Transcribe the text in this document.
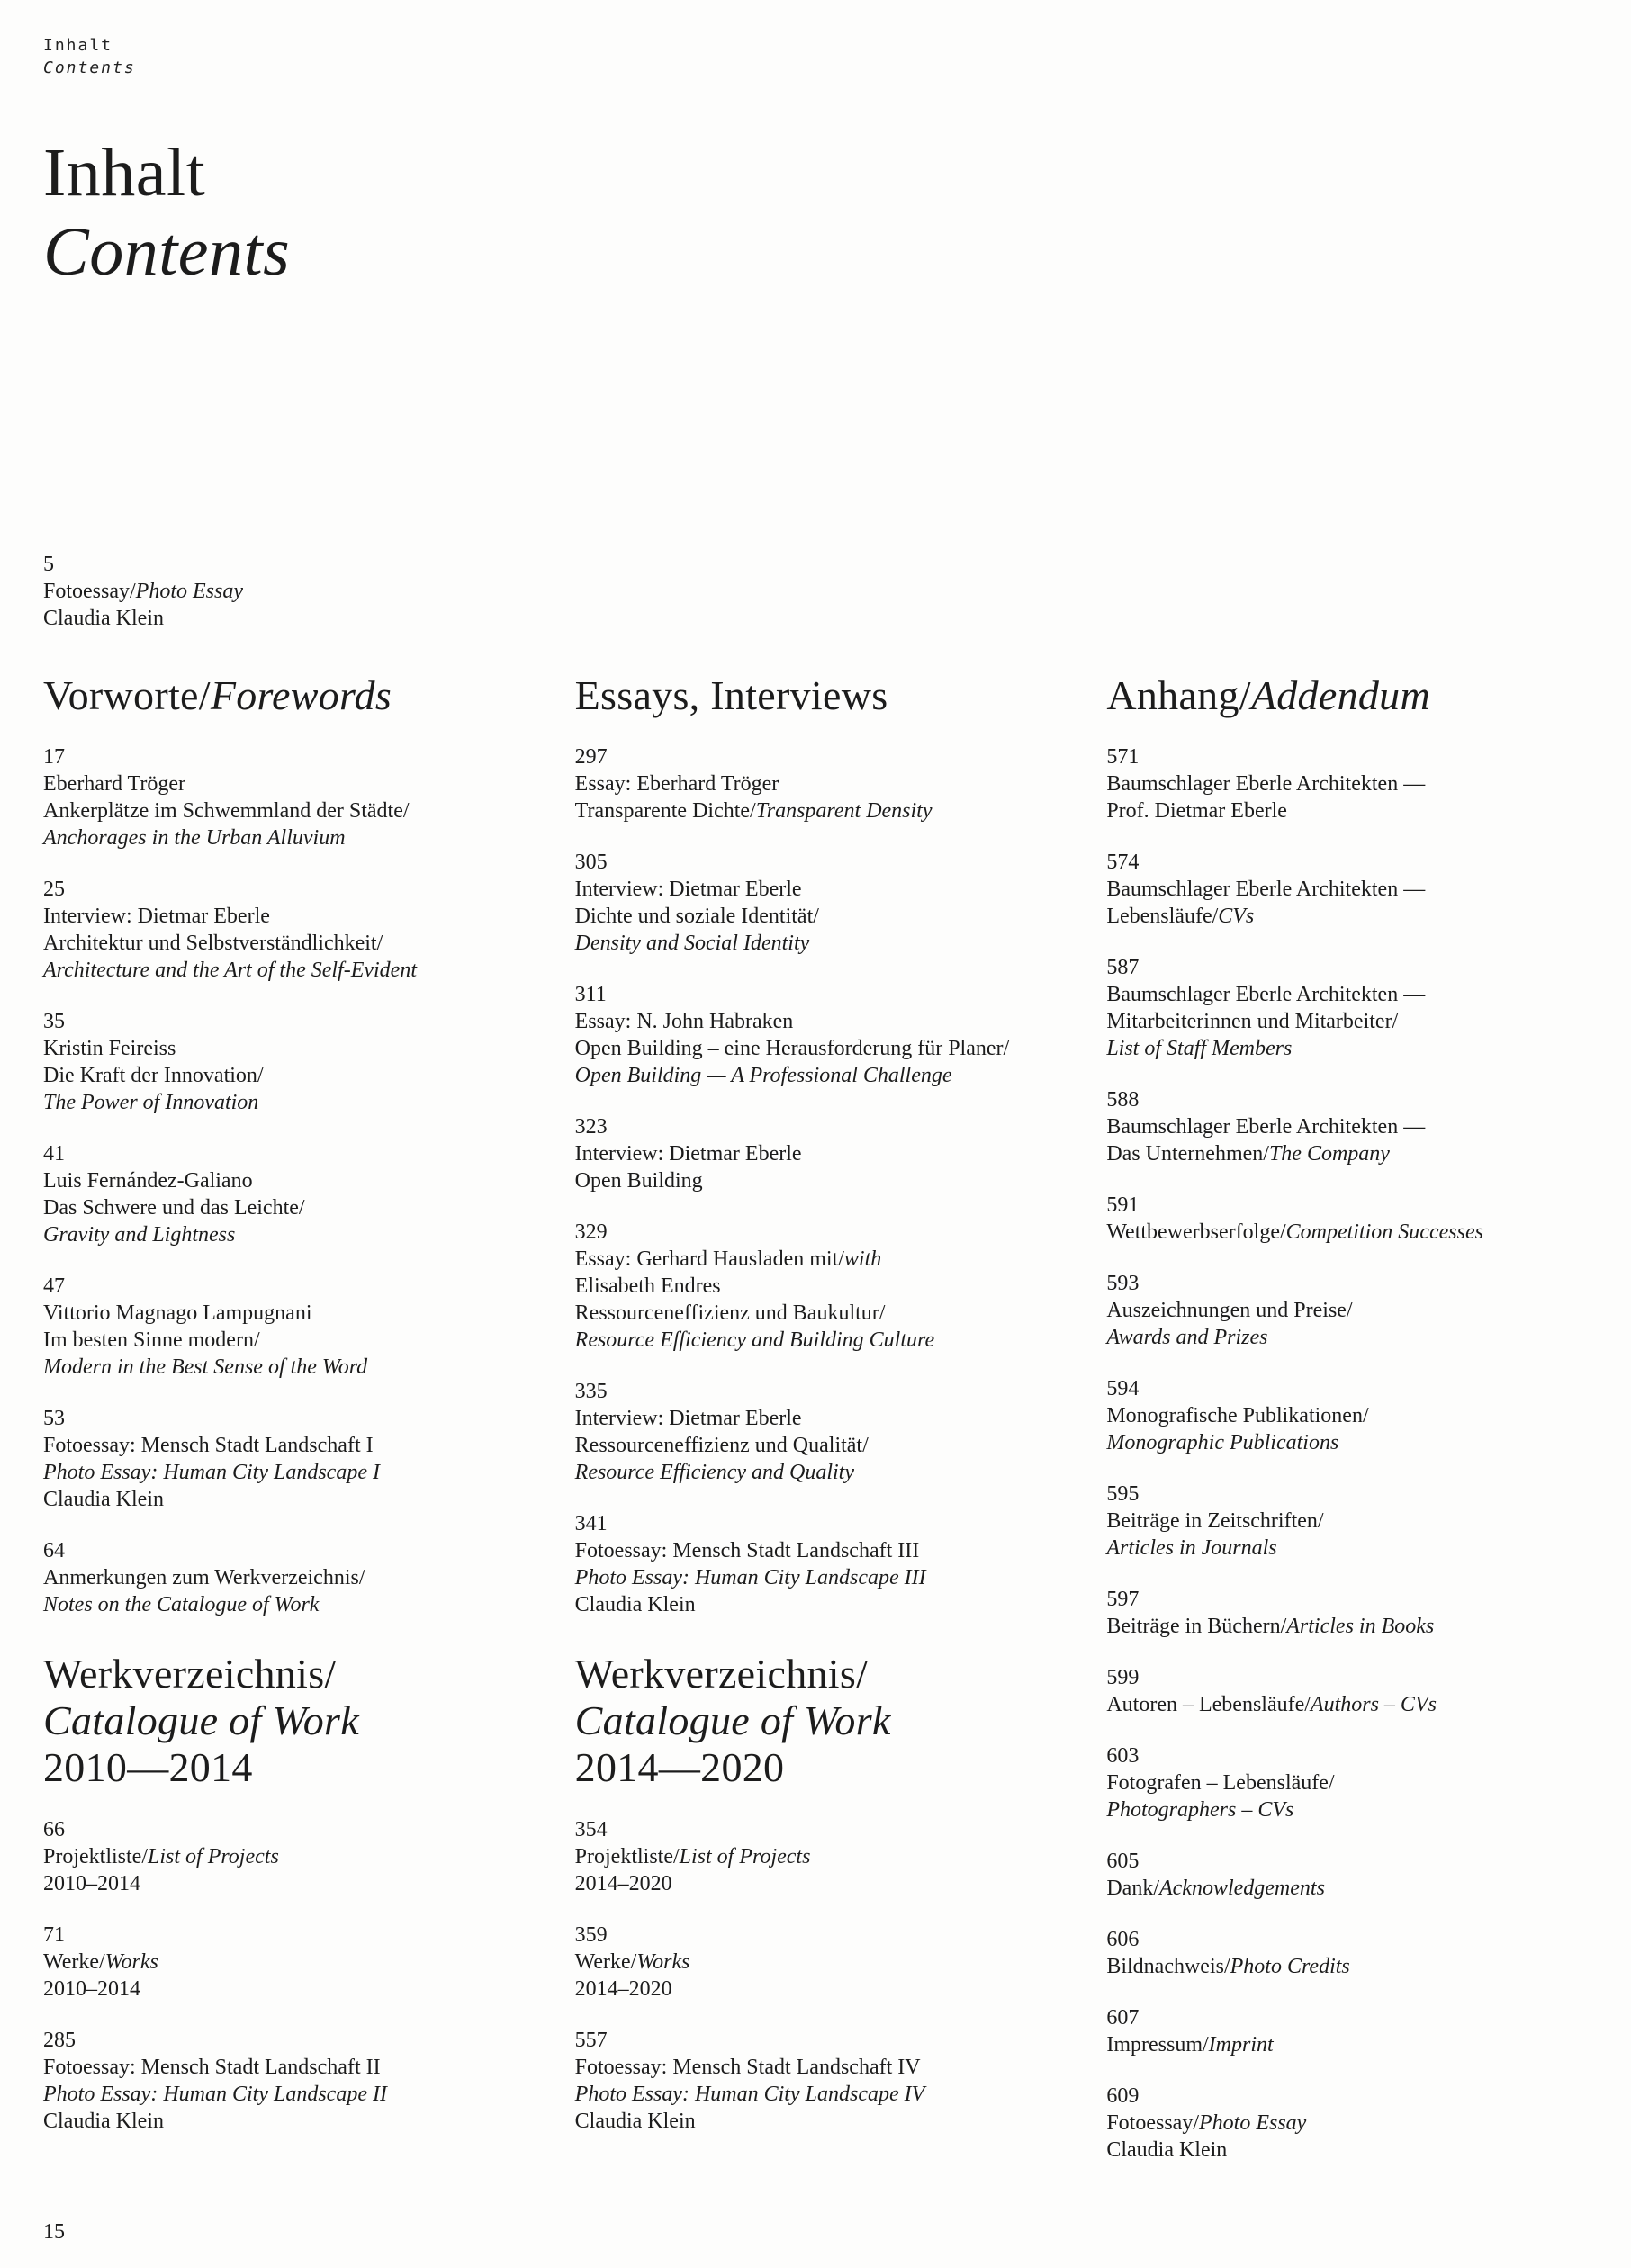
Inhalt
Contents
Inhalt
Contents
5
Fotoessay/Photo Essay
Claudia Klein
Vorworte/Forewords
17
Eberhard Tröger
Ankerplätze im Schwemmland der Städte/
Anchorages in the Urban Alluvium
25
Interview: Dietmar Eberle
Architektur und Selbstverständlichkeit/
Architecture and the Art of the Self-Evident
35
Kristin Feireiss
Die Kraft der Innovation/
The Power of Innovation
41
Luis Fernández-Galiano
Das Schwere und das Leichte/
Gravity and Lightness
47
Vittorio Magnago Lampugnani
Im besten Sinne modern/
Modern in the Best Sense of the Word
53
Fotoessay: Mensch Stadt Landschaft I
Photo Essay: Human City Landscape I
Claudia Klein
64
Anmerkungen zum Werkverzeichnis/
Notes on the Catalogue of Work
Werkverzeichnis/
Catalogue of Work
2010—2014
66
Projektliste/List of Projects
2010–2014
71
Werke/Works
2010–2014
285
Fotoessay: Mensch Stadt Landschaft II
Photo Essay: Human City Landscape II
Claudia Klein
Essays, Interviews
297
Essay: Eberhard Tröger
Transparente Dichte/Transparent Density
305
Interview: Dietmar Eberle
Dichte und soziale Identität/
Density and Social Identity
311
Essay: N. John Habraken
Open Building – eine Herausforderung für Planer/
Open Building — A Professional Challenge
323
Interview: Dietmar Eberle
Open Building
329
Essay: Gerhard Hausladen mit/with
Elisabeth Endres
Ressourceneffizienz und Baukultur/
Resource Efficiency and Building Culture
335
Interview: Dietmar Eberle
Ressourceneffizienz und Qualität/
Resource Efficiency and Quality
341
Fotoessay: Mensch Stadt Landschaft III
Photo Essay: Human City Landscape III
Claudia Klein
Werkverzeichnis/
Catalogue of Work
2014—2020
354
Projektliste/List of Projects
2014–2020
359
Werke/Works
2014–2020
557
Fotoessay: Mensch Stadt Landschaft IV
Photo Essay: Human City Landscape IV
Claudia Klein
Anhang/Addendum
571
Baumschlager Eberle Architekten —
Prof. Dietmar Eberle
574
Baumschlager Eberle Architekten —
Lebensläufe/CVs
587
Baumschlager Eberle Architekten —
Mitarbeiterinnen und Mitarbeiter/
List of Staff Members
588
Baumschlager Eberle Architekten —
Das Unternehmen/The Company
591
Wettbewerbserfolge/Competition Successes
593
Auszeichnungen und Preise/
Awards and Prizes
594
Monografische Publikationen/
Monographic Publications
595
Beiträge in Zeitschriften/
Articles in Journals
597
Beiträge in Büchern/Articles in Books
599
Autoren – Lebensläufe/Authors – CVs
603
Fotografen – Lebensläufe/
Photographers – CVs
605
Dank/Acknowledgements
606
Bildnachweis/Photo Credits
607
Impressum/Imprint
609
Fotoessay/Photo Essay
Claudia Klein
15
